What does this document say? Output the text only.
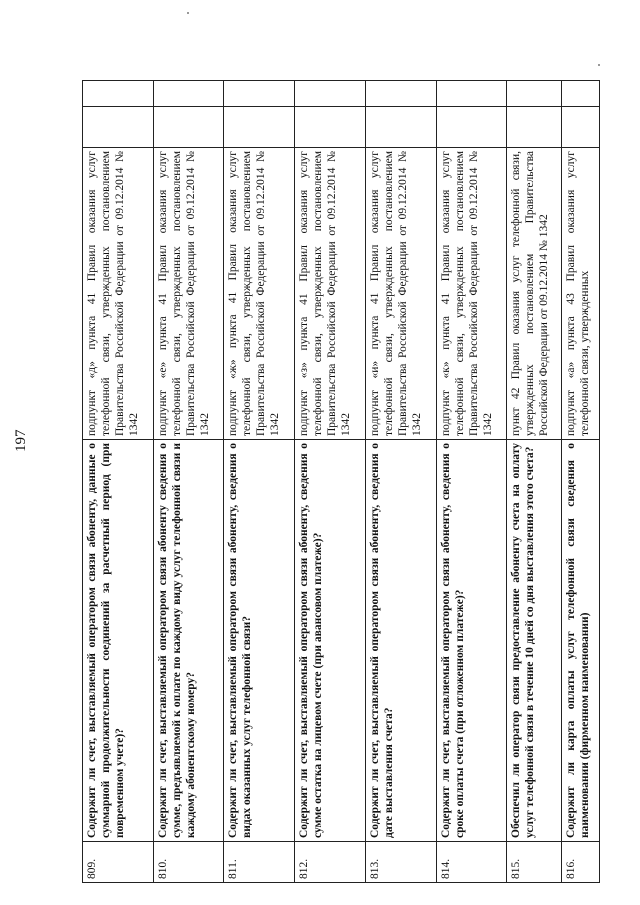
197
809.	Содержит ли счет, выставляемый оператором связи абоненту, данные о суммарной продолжительности соединений за расчетный период (при повременном учете)?	подпункт «д» пункта 41 Правил оказания услуг телефонной связи, утвержденных постановлением Правительства Российской Федерации от 09.12.2014 № 1342		
810.	Содержит ли счет, выставляемый оператором связи абоненту сведения о сумме, предъявляемой к оплате по каждому виду услуг телефонной связи и каждому абонентскому номеру?	подпункт «е» пункта 41 Правил оказания услуг телефонной связи, утвержденных постановлением Правительства Российской Федерации от 09.12.2014 № 1342		
811.	Содержит ли счет, выставляемый оператором связи абоненту, сведения о видах оказанных услуг телефонной связи?	подпункт «ж» пункта 41 Правил оказания услуг телефонной связи, утвержденных постановлением Правительства Российской Федерации от 09.12.2014 № 1342		
812.	Содержит ли счет, выставляемый оператором связи абоненту, сведения о сумме остатка на лицевом счете (при авансовом платеже)?	подпункт «з» пункта 41 Правил оказания услуг телефонной связи, утвержденных постановлением Правительства Российской Федерации от 09.12.2014 № 1342		
813.	Содержит ли счет, выставляемый оператором связи абоненту, сведения о дате выставления счета?	подпункт «и» пункта 41 Правил оказания услуг телефонной связи, утвержденных постановлением Правительства Российской Федерации от 09.12.2014 № 1342		
814.	Содержит ли счет, выставляемый оператором связи абоненту, сведения о сроке оплаты счета (при отложенном платеже)?	подпункт «к» пункта 41 Правил оказания услуг телефонной связи, утвержденных постановлением Правительства Российской Федерации от 09.12.2014 № 1342		
815.	Обеспечил ли оператор связи предоставление абоненту счета на оплату услуг телефонной связи в течение 10 дней со дня выставления этого счета?	пункт 42 Правил оказания услуг телефонной связи, утвержденных постановлением Правительства Российской Федерации от 09.12.2014 № 1342		
816.	Содержит ли карта оплаты услуг телефонной связи сведения о наименовании (фирменном наименовании)	подпункт «а» пункта 43 Правил оказания услуг телефонной связи, утвержденных		
